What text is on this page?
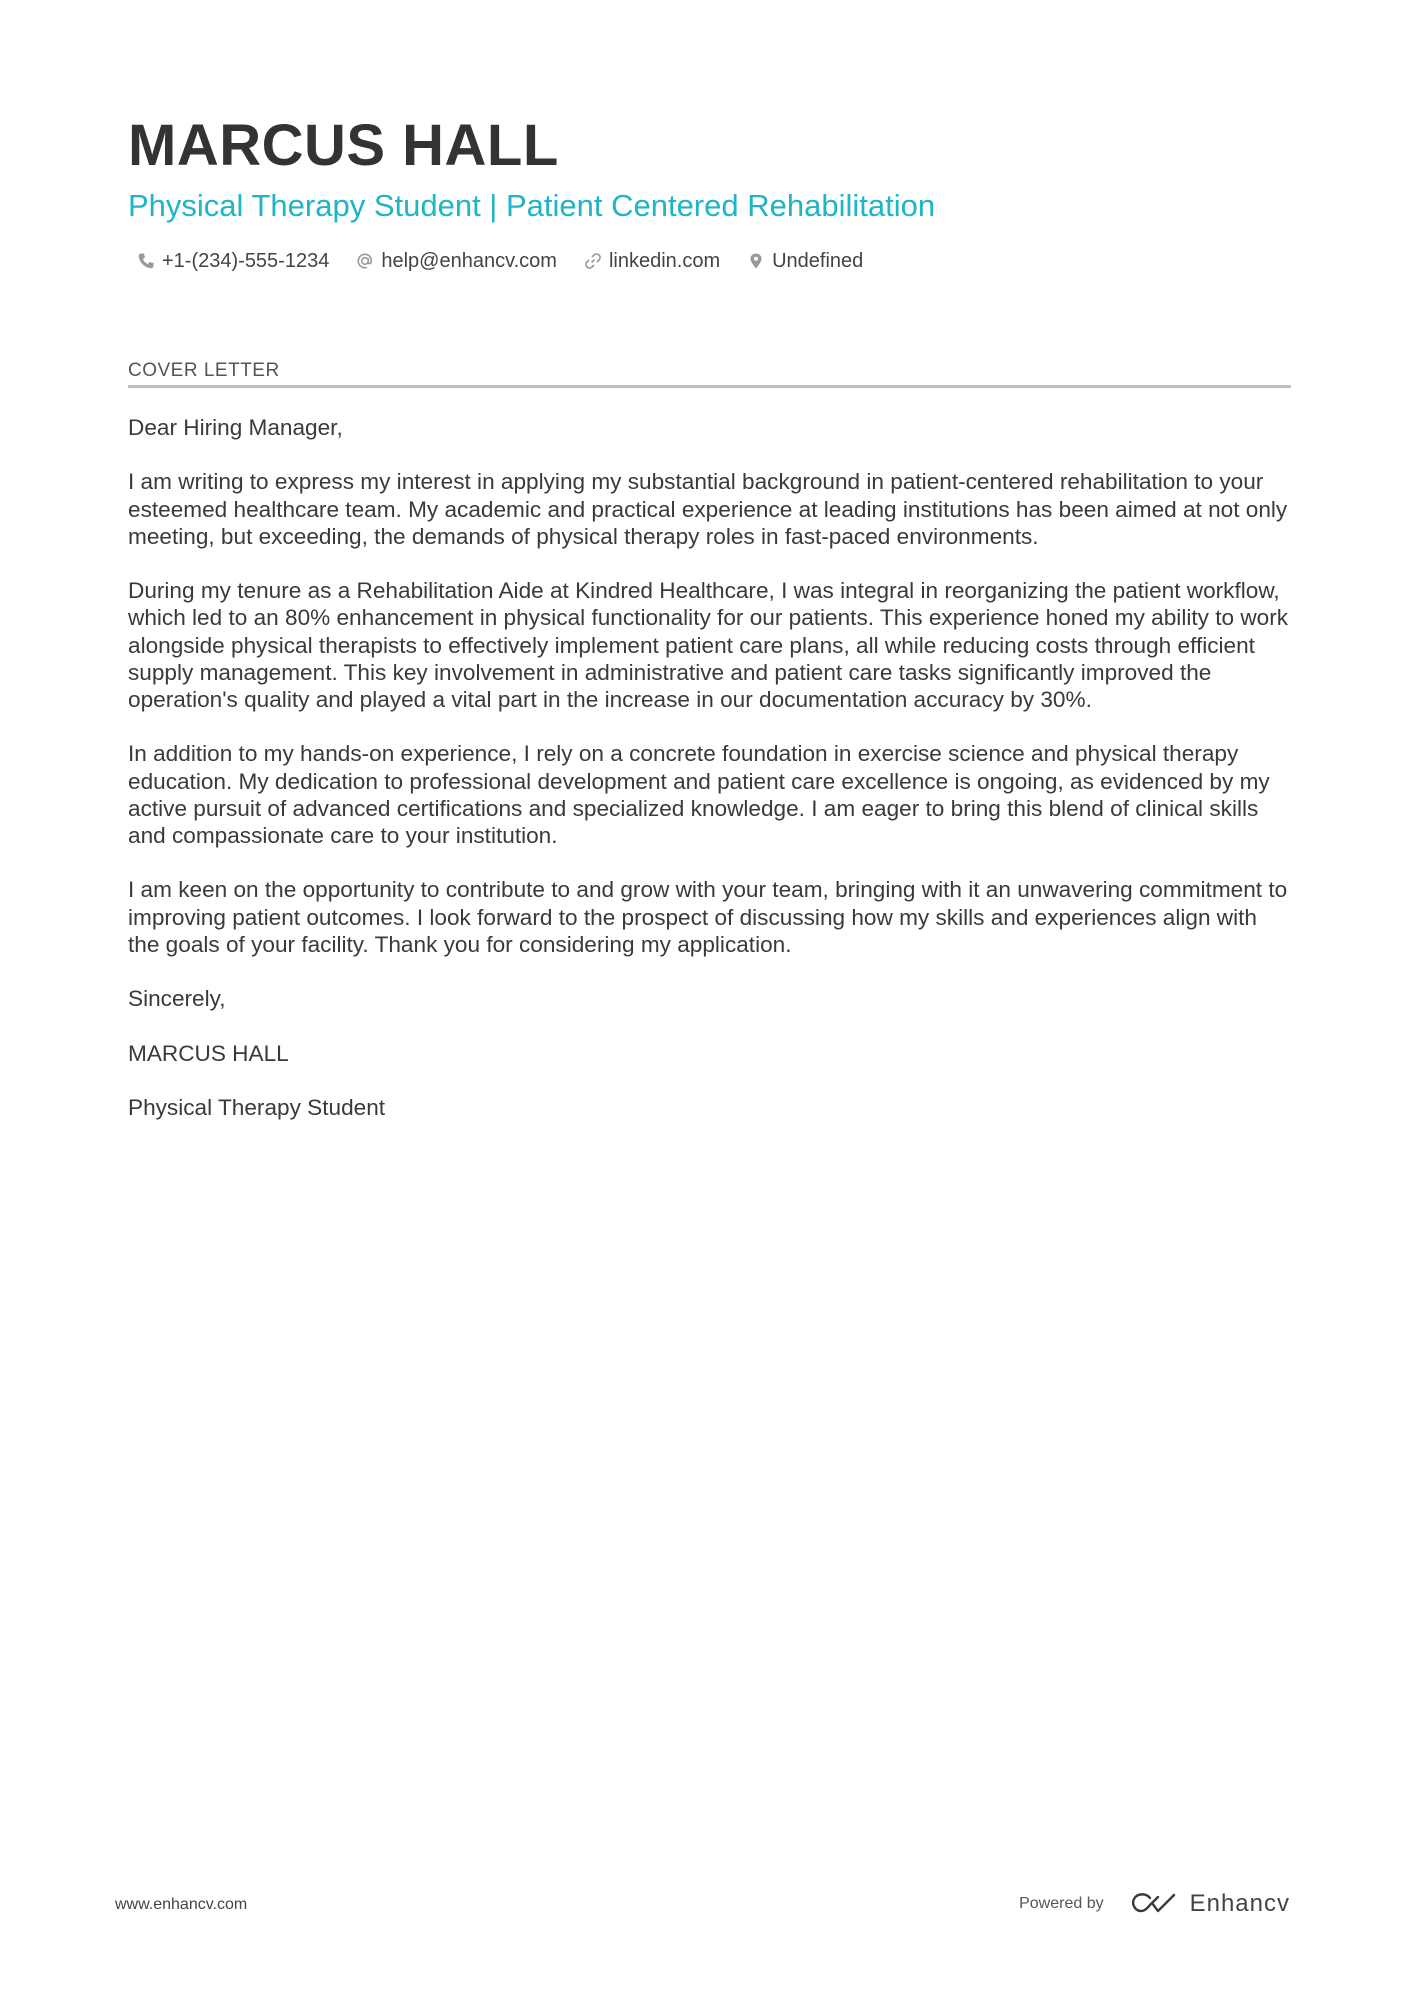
MARCUS HALL
Physical Therapy Student | Patient Centered Rehabilitation
+1-(234)-555-1234	help@enhancv.com	linkedin.com	Undefined
COVER LETTER

Dear Hiring Manager,

I am writing to express my interest in applying my substantial background in patient-centered rehabilitation to your esteemed healthcare team. My academic and practical experience at leading institutions has been aimed at not only meeting, but exceeding, the demands of physical therapy roles in fast-paced environments.

During my tenure as a Rehabilitation Aide at Kindred Healthcare, I was integral in reorganizing the patient workflow, which led to an 80% enhancement in physical functionality for our patients. This experience honed my ability to work alongside physical therapists to effectively implement patient care plans, all while reducing costs through efficient supply management. This key involvement in administrative and patient care tasks significantly improved the operation's quality and played a vital part in the increase in our documentation accuracy by 30%.

In addition to my hands-on experience, I rely on a concrete foundation in exercise science and physical therapy education. My dedication to professional development and patient care excellence is ongoing, as evidenced by my active pursuit of advanced certifications and specialized knowledge. I am eager to bring this blend of clinical skills and compassionate care to your institution.

I am keen on the opportunity to contribute to and grow with your team, bringing with it an unwavering commitment to improving patient outcomes. I look forward to the prospect of discussing how my skills and experiences align with the goals of your facility. Thank you for considering my application.

Sincerely,

MARCUS HALL

Physical Therapy Student

www.enhancv.com	Powered by	Enhancv
